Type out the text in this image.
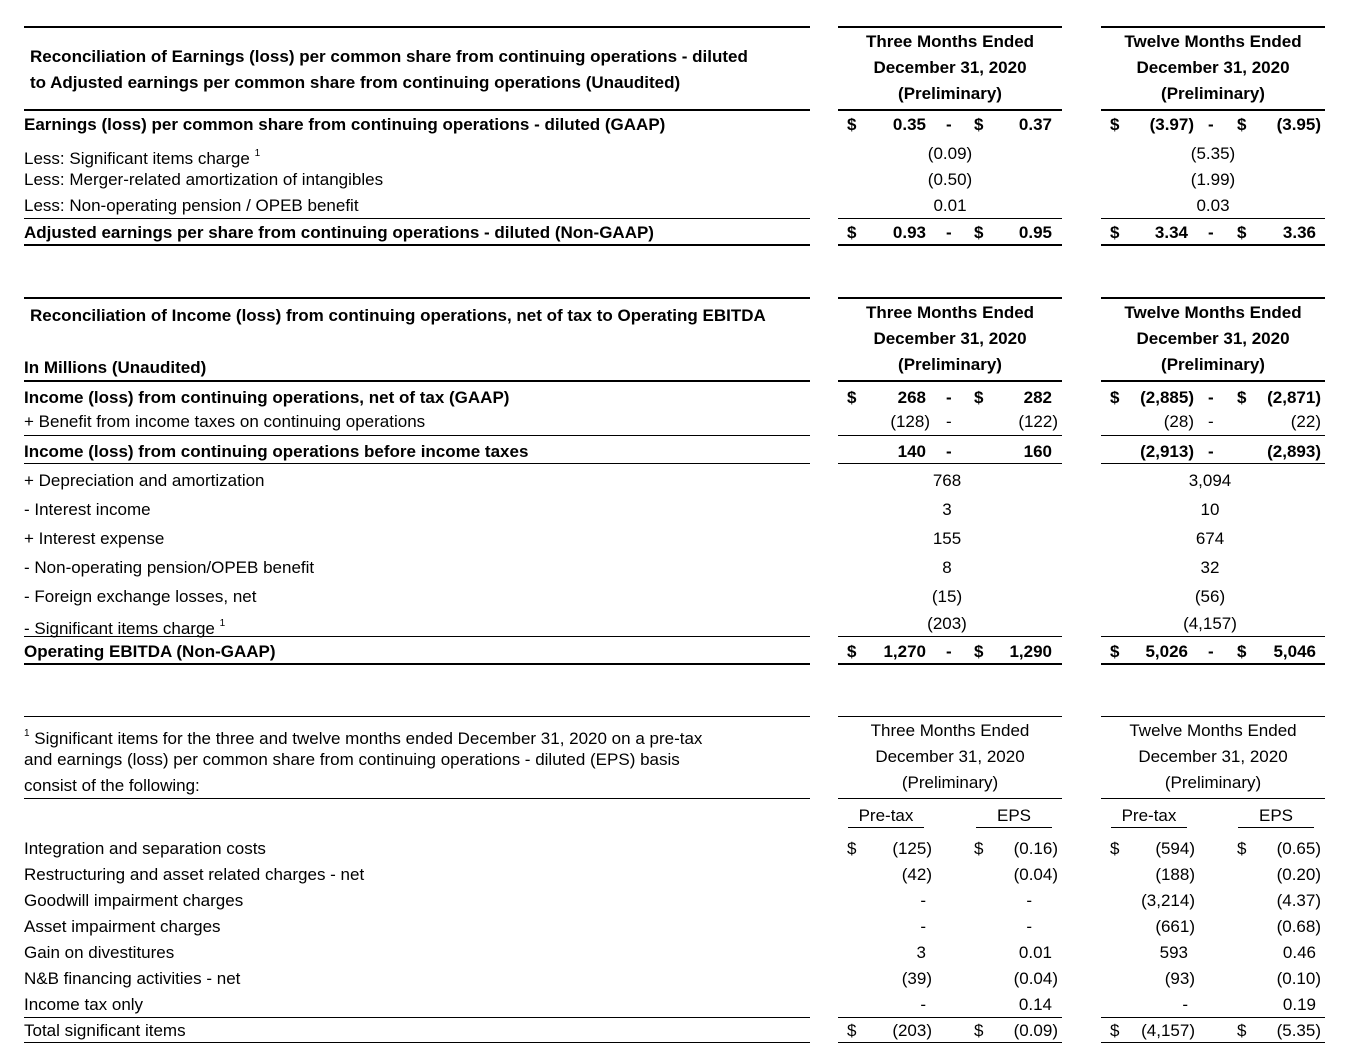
Reconciliation of Earnings (loss) per common share from continuing operations - diluted
to Adjusted earnings per common share from continuing operations (Unaudited)
Three Months Ended
December 31, 2020
(Preliminary)
Twelve Months Ended
December 31, 2020
(Preliminary)
Earnings (loss) per common share from continuing operations - diluted (GAAP)	$	0.35 - $	0.37	$	(3.97) - $	(3.95)
Less: Significant items charge $^1$	(0.09)	(5.35)
Less: Merger-related amortization of intangibles	(0.50)	(1.99)
Less: Non-operating pension / OPEB benefit	0.01	0.03
Adjusted earnings per share from continuing operations - diluted (Non-GAAP)	$	0.93 - $	0.95	$	3.34 - $	3.36
Reconciliation of Income (loss) from continuing operations, net of tax to Operating EBITDA
In Millions (Unaudited)
Three Months Ended
December 31, 2020
(Preliminary)
Twelve Months Ended
December 31, 2020
(Preliminary)
Income (loss) from continuing operations, net of tax (GAAP)	$	268 - $	282	$	(2,885) - $	(2,871)
+ Benefit from income taxes on continuing operations	(128) -	(122)	(28) -	(22)
Income (loss) from continuing operations before income taxes	140 -	160	(2,913) -	(2,893)
+ Depreciation and amortization	768	3,094
- Interest income	3	10
+ Interest expense	155	674
- Non-operating pension/OPEB benefit	8	32
- Foreign exchange losses, net	(15)	(56)
- Significant items charge $^1$	(203)	(4,157)
Operating EBITDA (Non-GAAP)	$	1,270 - $	1,290	$	5,026 - $	5,046
$^1$ Significant items for the three and twelve months ended December 31, 2020 on a pre-tax
and earnings (loss) per common share from continuing operations - diluted (EPS) basis
consist of the following:
Three Months Ended
December 31, 2020
(Preliminary)
Twelve Months Ended
December 31, 2020
(Preliminary)
Pre-tax	EPS	Pre-tax	EPS
Integration and separation costs	$	(125) $	(0.16)	$	(594) $	(0.65)
Restructuring and asset related charges - net	(42)	(0.04)	(188)	(0.20)
Goodwill impairment charges	-	-	(3,214)	(4.37)
Asset impairment charges	-	-	(661)	(0.68)
Gain on divestitures	3	0.01	593	0.46
N&B financing activities - net	(39)	(0.04)	(93)	(0.10)
Income tax only	-	0.14	-	0.19
Total significant items	$	(203) $	(0.09)	$	(4,157) $	(5.35)
